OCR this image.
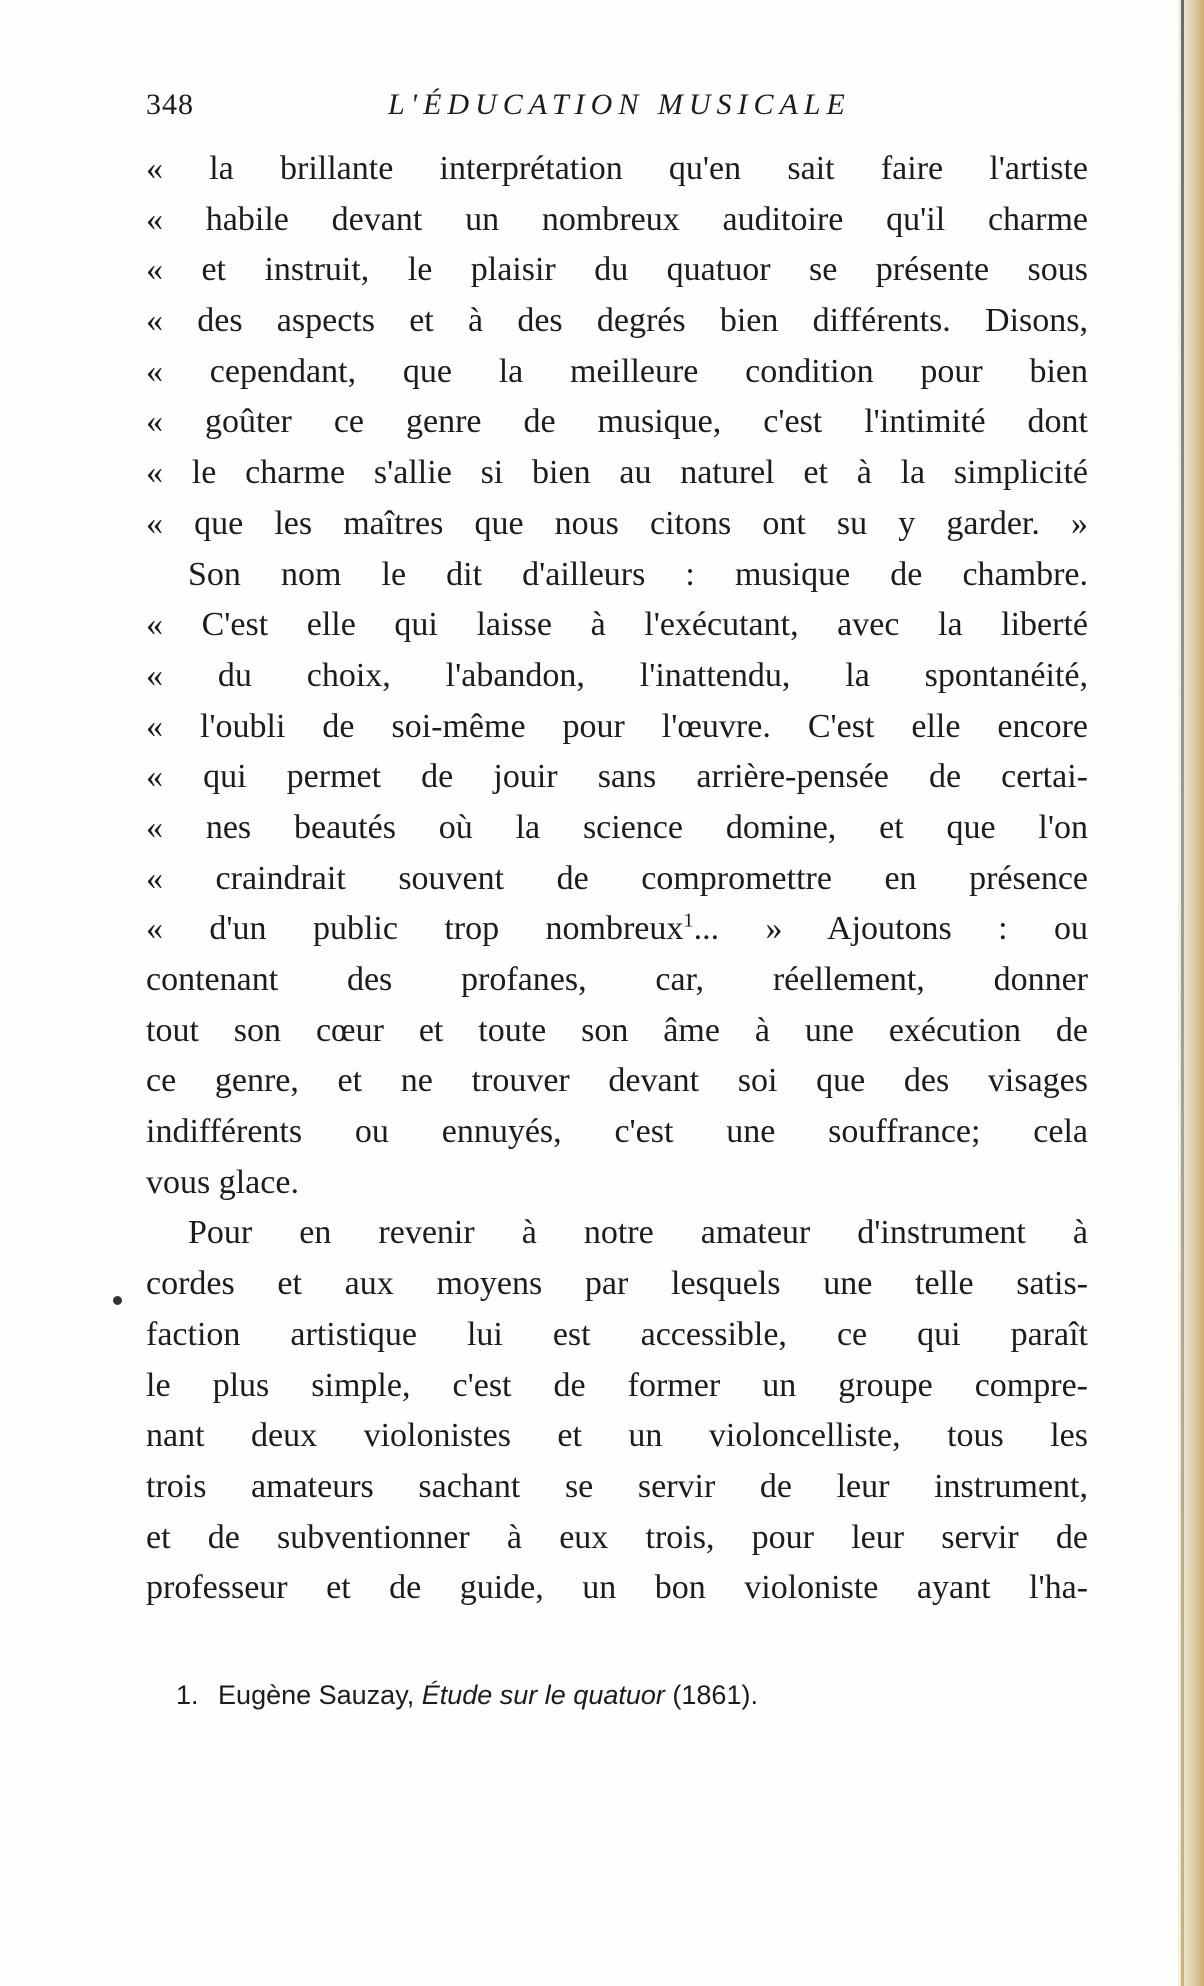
348	L'ÉDUCATION MUSICALE
« la brillante interprétation qu'en sait faire l'artiste
« habile devant un nombreux auditoire qu'il charme
« et instruit, le plaisir du quatuor se présente sous
« des aspects et à des degrés bien différents. Disons,
« cependant, que la meilleure condition pour bien
« goûter ce genre de musique, c'est l'intimité dont
« le charme s'allie si bien au naturel et à la simplicité
« que les maîtres que nous citons ont su y garder. »
Son nom le dit d'ailleurs : musique de chambre.
« C'est elle qui laisse à l'exécutant, avec la liberté
« du choix, l'abandon, l'inattendu, la spontanéité,
« l'oubli de soi-même pour l'œuvre. C'est elle encore
« qui permet de jouir sans arrière-pensée de certai-
« nes beautés où la science domine, et que l'on
« craindrait souvent de compromettre en présence
« d'un public trop nombreux$^1$... » Ajoutons : ou
contenant des profanes, car, réellement, donner
tout son cœur et toute son âme à une exécution de
ce genre, et ne trouver devant soi que des visages
indifférents ou ennuyés, c'est une souffrance; cela
vous glace.
Pour en revenir à notre amateur d'instrument à
cordes et aux moyens par lesquels une telle satis-
faction artistique lui est accessible, ce qui paraît
le plus simple, c'est de former un groupe compre-
nant deux violonistes et un violoncelliste, tous les
trois amateurs sachant se servir de leur instrument,
et de subventionner à eux trois, pour leur servir de
professeur et de guide, un bon violoniste ayant l'ha-
1. Eugène Sauzay, Étude sur le quatuor (1861).
